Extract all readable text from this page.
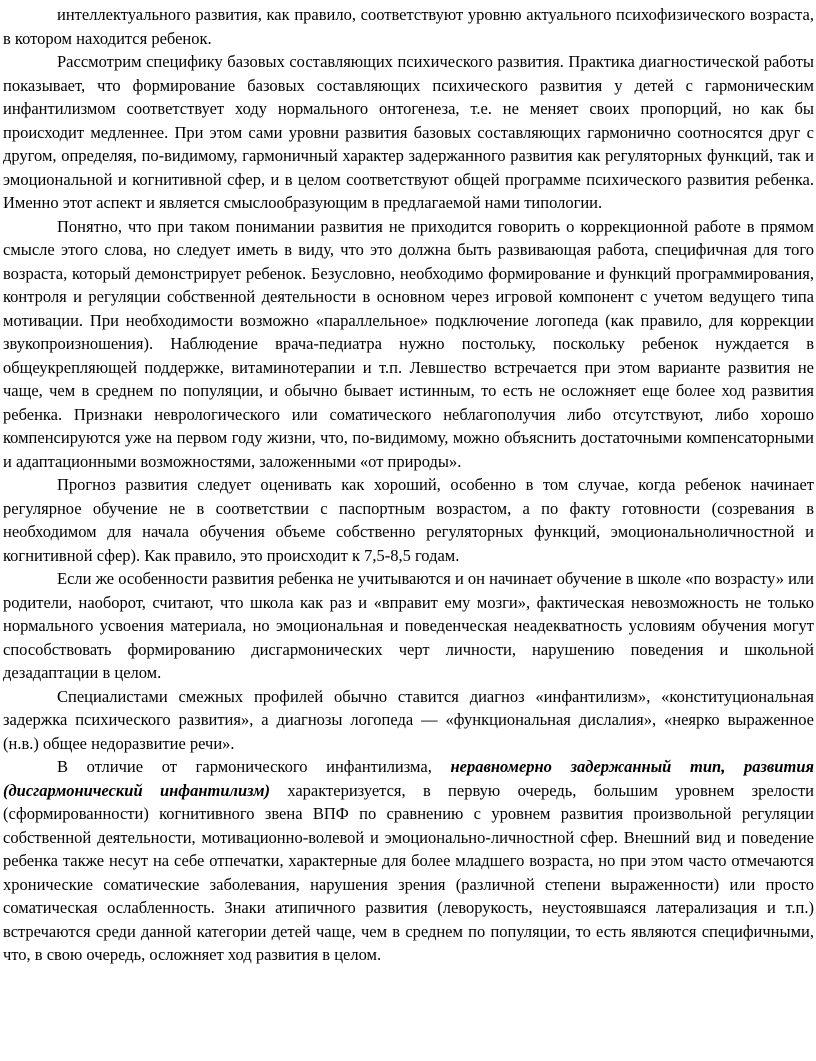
интеллектуального развития, как правило, соответствуют уровню актуального психофизического возраста, в котором находится ребенок.

Рассмотрим специфику базовых составляющих психического развития. Практика диагностической работы показывает, что формирование базовых составляющих психического развития у детей с гармоническим инфантилизмом соответствует ходу нормального онтогенеза, т.е. не меняет своих пропорций, но как бы происходит медленнее. При этом сами уровни развития базовых составляющих гармонично соотносятся друг с другом, определяя, по-видимому, гармоничный характер задержанного развития как регуляторных функций, так и эмоциональной и когнитивной сфер, и в целом соответствуют общей программе психического развития ребенка. Именно этот аспект и является смыслообразующим в предлагаемой нами типологии.

Понятно, что при таком понимании развития не приходится говорить о коррекционной работе в прямом смысле этого слова, но следует иметь в виду, что это должна быть развивающая работа, специфичная для того возраста, который демонстрирует ребенок. Безусловно, необходимо формирование и функций программирования, контроля и регуляции собственной деятельности в основном через игровой компонент с учетом ведущего типа мотивации. При необходимости возможно «параллельное» подключение логопеда (как правило, для коррекции звукопроизношения). Наблюдение врача-педиатра нужно постольку, поскольку ребенок нуждается в общеукрепляющей поддержке, витаминотерапии и т.п. Левшество встречается при этом варианте развития не чаще, чем в среднем по популяции, и обычно бывает истинным, то есть не осложняет еще более ход развития ребенка. Признаки неврологического или соматического неблагополучия либо отсутствуют, либо хорошо компенсируются уже на первом году жизни, что, по-видимому, можно объяснить достаточными компенсаторными и адаптационными возможностями, заложенными «от природы».

Прогноз развития следует оценивать как хороший, особенно в том случае, когда ребенок начинает регулярное обучение не в соответствии с паспортным возрастом, а по факту готовности (созревания в необходимом для начала обучения объеме собственно регуляторных функций, эмоциональноличностной и когнитивной сфер). Как правило, это происходит к 7,5-8,5 годам.

Если же особенности развития ребенка не учитываются и он начинает обучение в школе «по возрасту» или родители, наоборот, считают, что школа как раз и «вправит ему мозги», фактическая невозможность не только нормального усвоения материала, но эмоциональная и поведенческая неадекватность условиям обучения могут способствовать формированию дисгармонических черт личности, нарушению поведения и школьной дезадаптации в целом.

Специалистами смежных профилей обычно ставится диагноз «инфантилизм», «конституциональная задержка психического развития», а диагнозы логопеда — «функциональная дислалия», «неярко выраженное (н.в.) общее недоразвитие речи».

В отличие от гармонического инфантилизма, неравномерно задержанный тип, развития (дисгармонический инфантилизм) характеризуется, в первую очередь, большим уровнем зрелости (сформированности) когнитивного звена ВПФ по сравнению с уровнем развития произвольной регуляции собственной деятельности, мотивационно-волевой и эмоционально-личностной сфер. Внешний вид и поведение ребенка также несут на себе отпечатки, характерные для более младшего возраста, но при этом часто отмечаются хронические соматические заболевания, нарушения зрения (различной степени выраженности) или просто соматическая ослабленность. Знаки атипичного развития (леворукость, неустоявшаяся латерализация и т.п.) встречаются среди данной категории детей чаще, чем в среднем по популяции, то есть являются специфичными, что, в свою очередь, осложняет ход развития в целом.
